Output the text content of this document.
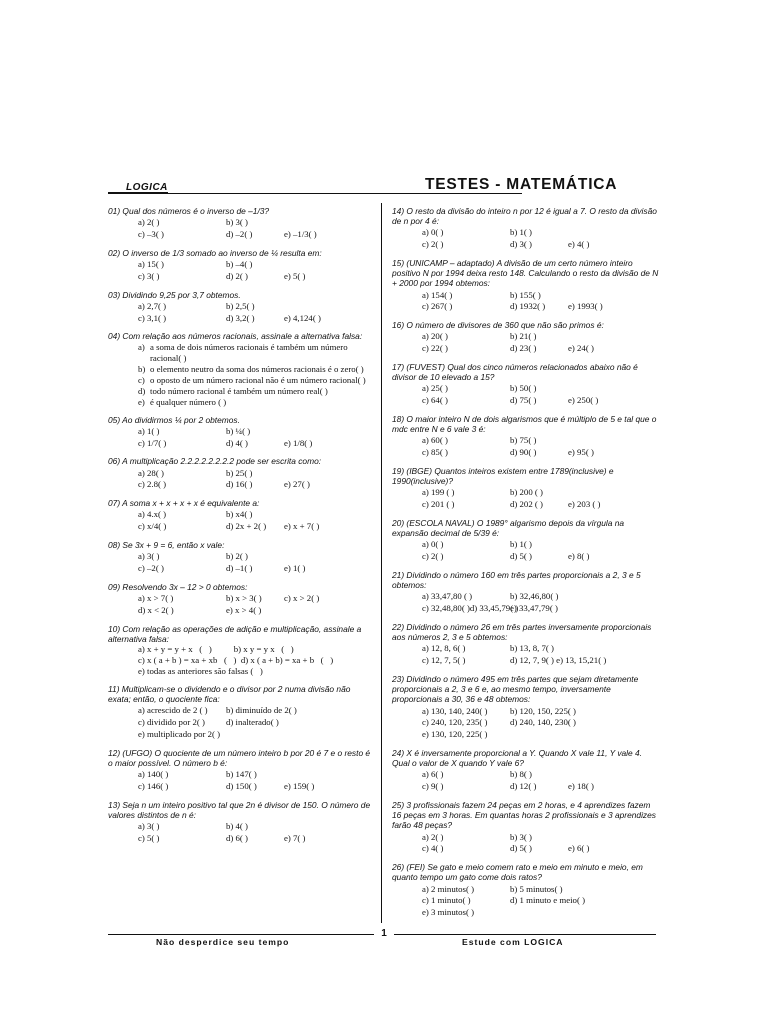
LOGICA	TESTES - MATEMÁTICA
01) Qual dos números é o inverso de –1/3?
a) 2( )	b) 3( )
c) –3( )	d) –2( )	e) –1/3( )
02) O inverso de 1/3 somado ao inverso de ¼ resulta em:
a) 15( )	b) –4( )
c) 3( )	d) 2( )	e) 5( )
03) Dividindo 9,25 por 3,7 obtemos.
a) 2,7( )	b) 2,5( )
c) 3,1( )	d) 3,2( )	e) 4,124( )
04) Com relação aos números racionais, assinale a alternativa falsa:
a) a soma de dois números racionais é também um número racional( )
b) o elemento neutro da soma dos números racionais é o zero( )
c) o oposto de um número racional não é um número racional( )
d) todo número racional é também um número real( )
e) é qualquer número ( )
05) Ao dividirmos ¼ por 2 obtemos.
a) 1( )	b) ¼( )
c) 1/7( )	d) 4( )	e) 1/8( )
06) A multiplicação 2.2.2.2.2.2.2.2 pode ser escrita como:
a) 28( )	b) 25( )
c) 2.8( )	d) 16( )	e) 27( )
07) A soma x + x + x + x é equivalente a:
a) 4.x( )	b) x4( )
c) x/4( )	d) 2x + 2( )	e) x + 7( )
08) Se 3x + 9 = 6, então x vale:
a) 3( )	b) 2( )
c) –2( )	d) –1( )	e) 1( )
09) Resolvendo 3x – 12 > 0 obtemos:
a) x > 7( )	b) x > 3( )	c) x > 2( )
d) x < 2( )	e) x > 4( )
10) Com relação as operações de adição e multiplicação, assinale a alternativa falsa:
a) x + y = y + x   (   )          b) x y = y x   (   )
c) x ( a + b ) = xa + xb   (   )  d) x ( a + b) = xa + b   (   )
e) todas as anteriores são falsas (   )
11) Multiplicam-se o dividendo e o divisor por 2 numa divisão não exata; então, o quociente fica:
a) acrescido de 2 ( )	b) diminuído de 2( )
c) dividido por 2( )	d) inalterado( )
e) multiplicado por 2( )
12) (UFGO) O quociente de um número inteiro b por 20 é 7 e o resto é o maior possível. O número b é:
a) 140( )	b) 147( )
c) 146( )	d) 150( )	e) 159( )
13) Seja n um inteiro positivo tal que 2n é divisor de 150. O número de valores distintos de n é:
a) 3( )	b) 4( )
c) 5( )	d) 6( )	e) 7( )
14) O resto da divisão do inteiro n por 12 é igual a 7. O resto da divisão de n por 4 é:
a) 0( )	b) 1( )
c) 2( )	d) 3( )	e) 4( )
15) (UNICAMP – adaptado) A divisão de um certo número inteiro positivo N por 1994 deixa resto 148. Calculando o resto da divisão de N + 2000 por 1994 obtemos:
a) 154( )	b) 155( )
c) 267( )	d) 1932( )	e) 1993( )
16) O número de divisores de 360 que não são primos é:
a) 20( )	b) 21( )
c) 22( )	d) 23( )	e) 24( )
17) (FUVEST) Qual dos cinco números relacionados abaixo não é divisor de 10 elevado a 15?
a) 25( )	b) 50( )
c) 64( )	d) 75( )	e) 250( )
18) O maior inteiro N de dois algarismos que é múltiplo de 5 e tal que o mdc entre N e 6 vale 3 é:
a) 60( )	b) 75( )
c) 85( )	d) 90( )	e) 95( )
19) (IBGE) Quantos inteiros existem entre 1789(inclusive) e 1990(inclusive)?
a) 199 ( )	b) 200 ( )
c) 201 ( )	d) 202 ( )	e) 203 ( )
20) (ESCOLA NAVAL) O 1989° algarismo depois da vírgula na expansão decimal de 5/39 é:
a) 0( )	b) 1( )
c) 2( )	d) 5( )	e) 8( )
21) Dividindo o número 160 em três partes proporcionais a 2, 3 e 5 obtemos:
a) 33,47,80 ( )	b) 32,46,80( )
c) 32,48,80( )d) 33,45,79( )
e) 33,47,79( )
22) Dividindo o número 26 em três partes inversamente proporcionais aos números 2, 3 e 5 obtemos:
a) 12, 8, 6( )	b) 13, 8, 7( )
c) 12, 7, 5( )	d) 12, 7, 9( ) e) 13, 15,21( )
23) Dividindo o número 495 em três partes que sejam diretamente proporcionais a 2, 3 e 6 e, ao mesmo tempo, inversamente proporcionais a 30, 36 e 48 obtemos:
a) 130, 140, 240( )	b) 120, 150, 225( )
c) 240, 120, 235( )	d) 240, 140, 230( )
e) 130, 120, 225( )
24) X é inversamente proporcional a Y. Quando X vale 11, Y vale 4. Qual o valor de X quando Y vale 6?
a) 6( )	b) 8( )
c) 9( )	d) 12( )	e) 18( )
25) 3 profissionais fazem 24 peças em 2 horas, e 4 aprendizes fazem 16 peças em 3 horas. Em quantas horas 2 profissionais e 3 aprendizes farão 48 peças?
a) 2( )	b) 3( )
c) 4( )	d) 5( )	e) 6( )
26) (FEI) Se gato e meio comem rato e meio em minuto e meio, em quanto tempo um gato come dois ratos?
a) 2 minutos( )	b) 5 minutos( )
c) 1 minuto( )	d) 1 minuto e meio( )
e) 3 minutos( )
Não desperdice seu tempo
1
Estude com LOGICA
